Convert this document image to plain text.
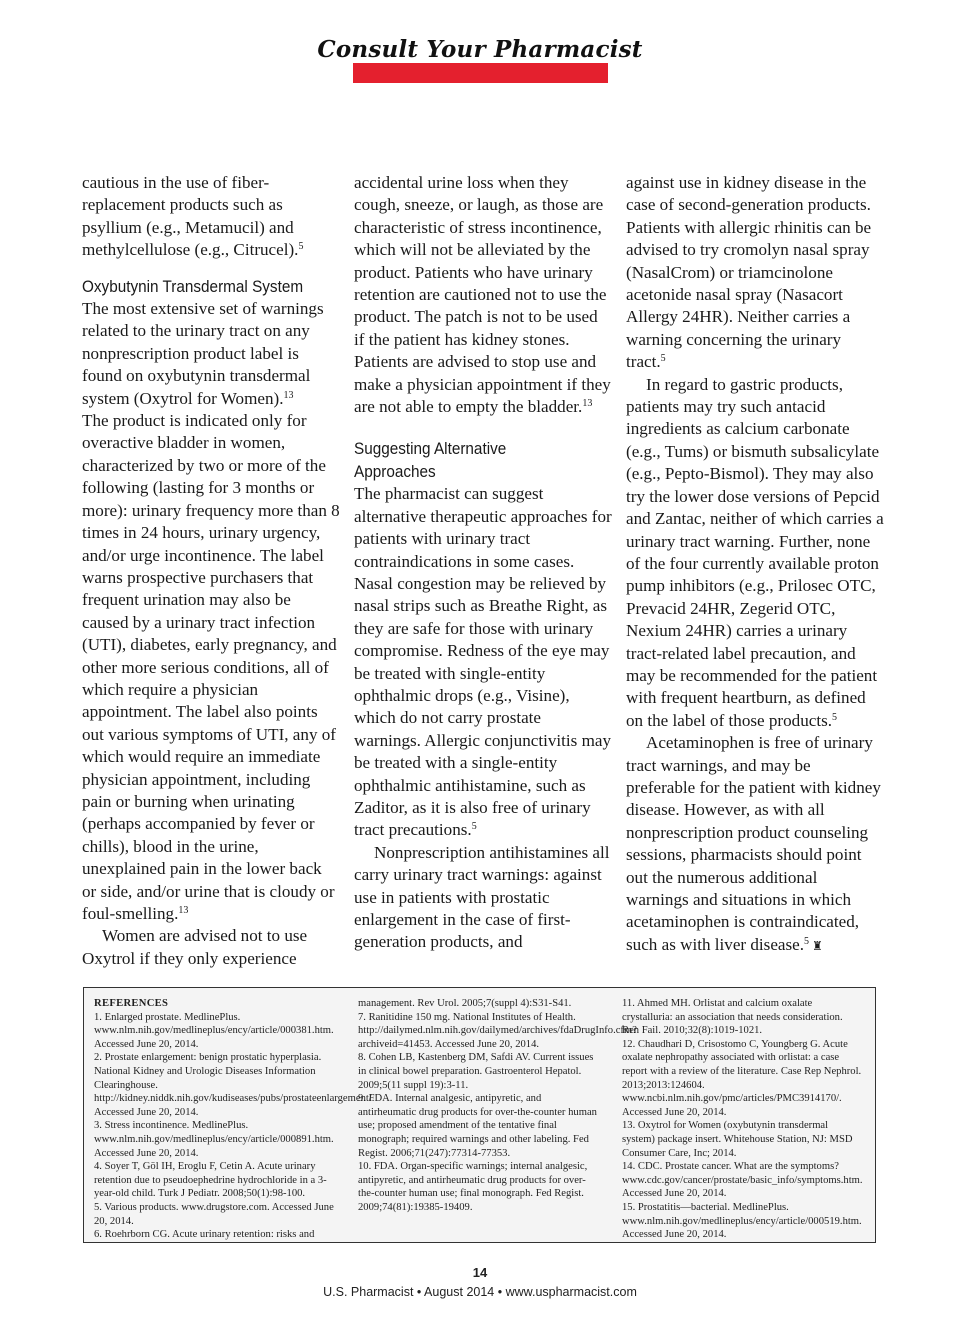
Consult Your Pharmacist

cautious in the use of fiber-replacement products such as psyllium (e.g., Metamucil) and methylcellulose (e.g., Citrucel).$^5$

Oxybutynin Transdermal System

The most extensive set of warnings related to the urinary tract on any nonprescription product label is found on oxybutynin transdermal system (Oxytrol for Women).$^{13}$

The product is indicated only for overactive bladder in women, characterized by two or more of the following (lasting for 3 months or more): urinary frequency more than 8 times in 24 hours, urinary urgency, and/or urge incontinence. The label warns prospective purchasers that frequent urination may also be caused by a urinary tract infection (UTI), diabetes, early pregnancy, and other more serious conditions, all of which require a physician appointment. The label also points out various symptoms of UTI, any of which would require an immediate physician appointment, including pain or burning when urinating (perhaps accompanied by fever or chills), blood in the urine, unexplained pain in the lower back or side, and/or urine that is cloudy or foul-smelling.$^{13}$

Women are advised not to use Oxytrol if they only experience

accidental urine loss when they cough, sneeze, or laugh, as those are characteristic of stress incontinence, which will not be alleviated by the product. Patients who have urinary retention are cautioned not to use the product. The patch is not to be used if the patient has kidney stones. Patients are advised to stop use and make a physician appointment if they are not able to empty the bladder.$^{13}$

Suggesting Alternative
Approaches

The pharmacist can suggest alternative therapeutic approaches for patients with urinary tract contraindications in some cases. Nasal congestion may be relieved by nasal strips such as Breathe Right, as they are safe for those with urinary compromise. Redness of the eye may be treated with single-entity ophthalmic drops (e.g., Visine), which do not carry prostate warnings. Allergic conjunctivitis may be treated with a single-entity ophthalmic antihistamine, such as Zaditor, as it is also free of urinary tract precautions.$^5$

Nonprescription antihistamines all carry urinary tract warnings: against use in patients with prostatic enlargement in the case of first-generation products, and

against use in kidney disease in the case of second-generation products. Patients with allergic rhinitis can be advised to try cromolyn nasal spray (NasalCrom) or triamcinolone acetonide nasal spray (Nasacort Allergy 24HR). Neither carries a warning concerning the urinary tract.$^5$

In regard to gastric products, patients may try such antacid ingredients as calcium carbonate (e.g., Tums) or bismuth subsalicylate (e.g., Pepto-Bismol). They may also try the lower dose versions of Pepcid and Zantac, neither of which carries a urinary tract warning. Further, none of the four currently available proton pump inhibitors (e.g., Prilosec OTC, Prevacid 24HR, Zegerid OTC, Nexium 24HR) carries a urinary tract-related label precaution, and may be recommended for the patient with frequent heartburn, as defined on the label of those products.$^5$

Acetaminophen is free of urinary tract warnings, and may be preferable for the patient with kidney disease. However, as with all nonprescription product counseling sessions, pharmacists should point out the numerous additional warnings and situations in which acetaminophen is contraindicated, such as with liver disease.$^5$ ♜

REFERENCES

1. Enlarged prostate. MedlinePlus. www.nlm.nih.gov/medlineplus/ency/article/000381.htm. Accessed June 20, 2014.

2. Prostate enlargement: benign prostatic hyperplasia. National Kidney and Urologic Diseases Information Clearinghouse. http://kidney.niddk.nih.gov/kudiseases/pubs/prostateenlargement/. Accessed June 20, 2014.

3. Stress incontinence. MedlinePlus. www.nlm.nih.gov/medlineplus/ency/article/000891.htm. Accessed June 20, 2014.

4. Soyer T, Göl IH, Eroglu F, Cetin A. Acute urinary retention due to pseudoephedrine hydrochloride in a 3-year-old child. Turk J Pediatr. 2008;50(1):98-100.

5. Various products. www.drugstore.com. Accessed June 20, 2014.

6. Roehrborn CG. Acute urinary retention: risks and

management. Rev Urol. 2005;7(suppl 4):S31-S41.

7. Ranitidine 150 mg. National Institutes of Health. http://dailymed.nlm.nih.gov/dailymed/archives/fdaDrugInfo.cfm?archiveid=41453. Accessed June 20, 2014.

8. Cohen LB, Kastenberg DM, Safdi AV. Current issues in clinical bowel preparation. Gastroenterol Hepatol. 2009;5(11 suppl 19):3-11.

9. FDA. Internal analgesic, antipyretic, and antirheumatic drug products for over-the-counter human use; proposed amendment of the tentative final monograph; required warnings and other labeling. Fed Regist. 2006;71(247):77314-77353.

10. FDA. Organ-specific warnings; internal analgesic, antipyretic, and antirheumatic drug products for over-the-counter human use; final monograph. Fed Regist. 2009;74(81):19385-19409.

11. Ahmed MH. Orlistat and calcium oxalate crystalluria: an association that needs consideration. Ren Fail. 2010;32(8):1019-1021.

12. Chaudhari D, Crisostomo C, Youngberg G. Acute oxalate nephropathy associated with orlistat: a case report with a review of the literature. Case Rep Nephrol. 2013;2013:124604. www.ncbi.nlm.nih.gov/pmc/articles/PMC3914170/. Accessed June 20, 2014.

13. Oxytrol for Women (oxybutynin transdermal system) package insert. Whitehouse Station, NJ: MSD Consumer Care, Inc; 2014.

14. CDC. Prostate cancer. What are the symptoms? www.cdc.gov/cancer/prostate/basic_info/symptoms.htm. Accessed June 20, 2014.

15. Prostatitis—bacterial. MedlinePlus. www.nlm.nih.gov/medlineplus/ency/article/000519.htm. Accessed June 20, 2014.

14
U.S. Pharmacist • August 2014 • www.uspharmacist.com
